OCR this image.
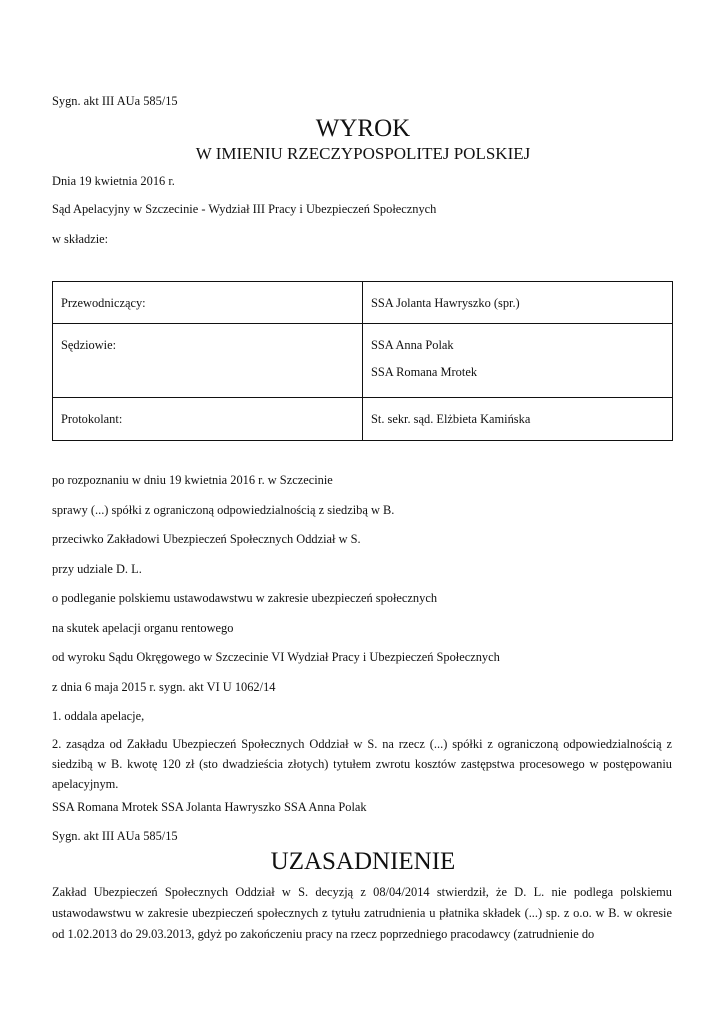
Sygn. akt III AUa 585/15
WYROK
W IMIENIU RZECZYPOSPOLITEJ POLSKIEJ
Dnia 19 kwietnia 2016 r.
Sąd Apelacyjny w Szczecinie - Wydział III Pracy i Ubezpieczeń Społecznych
w składzie:
Przewodniczący:	SSA Jolanta Hawryszko (spr.)
Sędziowie:	SSA Anna Polak
SSA Romana Mrotek

Protokolant:	St. sekr. sąd. Elżbieta Kamińska
po rozpoznaniu w dniu 19 kwietnia 2016 r. w Szczecinie
sprawy (...) spółki z ograniczoną odpowiedzialnością z siedzibą w B.
przeciwko Zakładowi Ubezpieczeń Społecznych Oddział w S.
przy udziale D. L.
o podleganie polskiemu ustawodawstwu w zakresie ubezpieczeń społecznych
na skutek apelacji organu rentowego
od wyroku Sądu Okręgowego w Szczecinie VI Wydział Pracy i Ubezpieczeń Społecznych
z dnia 6 maja 2015 r. sygn. akt VI U 1062/14
1. oddala apelacje,
2. zasądza od Zakładu Ubezpieczeń Społecznych Oddział w S. na rzecz (...) spółki z ograniczoną odpowiedzialnością z siedzibą w B. kwotę 120 zł (sto dwadzieścia złotych) tytułem zwrotu kosztów zastępstwa procesowego w postępowaniu apelacyjnym.
SSA Romana Mrotek SSA Jolanta Hawryszko SSA Anna Polak
Sygn. akt III AUa 585/15
UZASADNIENIE
Zakład Ubezpieczeń Społecznych Oddział w S. decyzją z 08/04/2014 stwierdził, że D. L. nie podlega polskiemu ustawodawstwu w zakresie ubezpieczeń społecznych z tytułu zatrudnienia u płatnika składek (...) sp. z o.o. w B. w okresie od 1.02.2013 do 29.03.2013, gdyż po zakończeniu pracy na rzecz poprzedniego pracodawcy (zatrudnienie do
